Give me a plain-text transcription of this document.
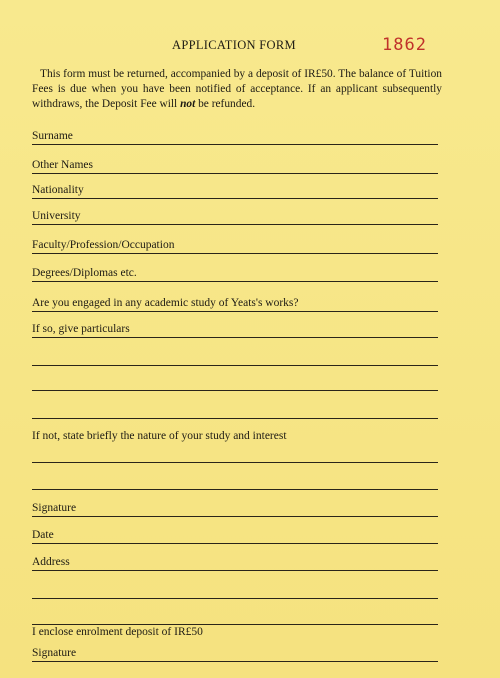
APPLICATION FORM	1862

This form must be returned, accompanied by a deposit of IR£50. The balance of Tuition Fees is due when you have been notified of acceptance. If an applicant subsequently withdraws, the Deposit Fee will not be refunded.

Surname
Other Names
Nationality
University
Faculty/Profession/Occupation
Degrees/Diplomas etc.
Are you engaged in any academic study of Yeats's works?
If so, give particulars
If not, state briefly the nature of your study and interest
Signature
Date
Address
I enclose enrolment deposit of IR£50
Signature
